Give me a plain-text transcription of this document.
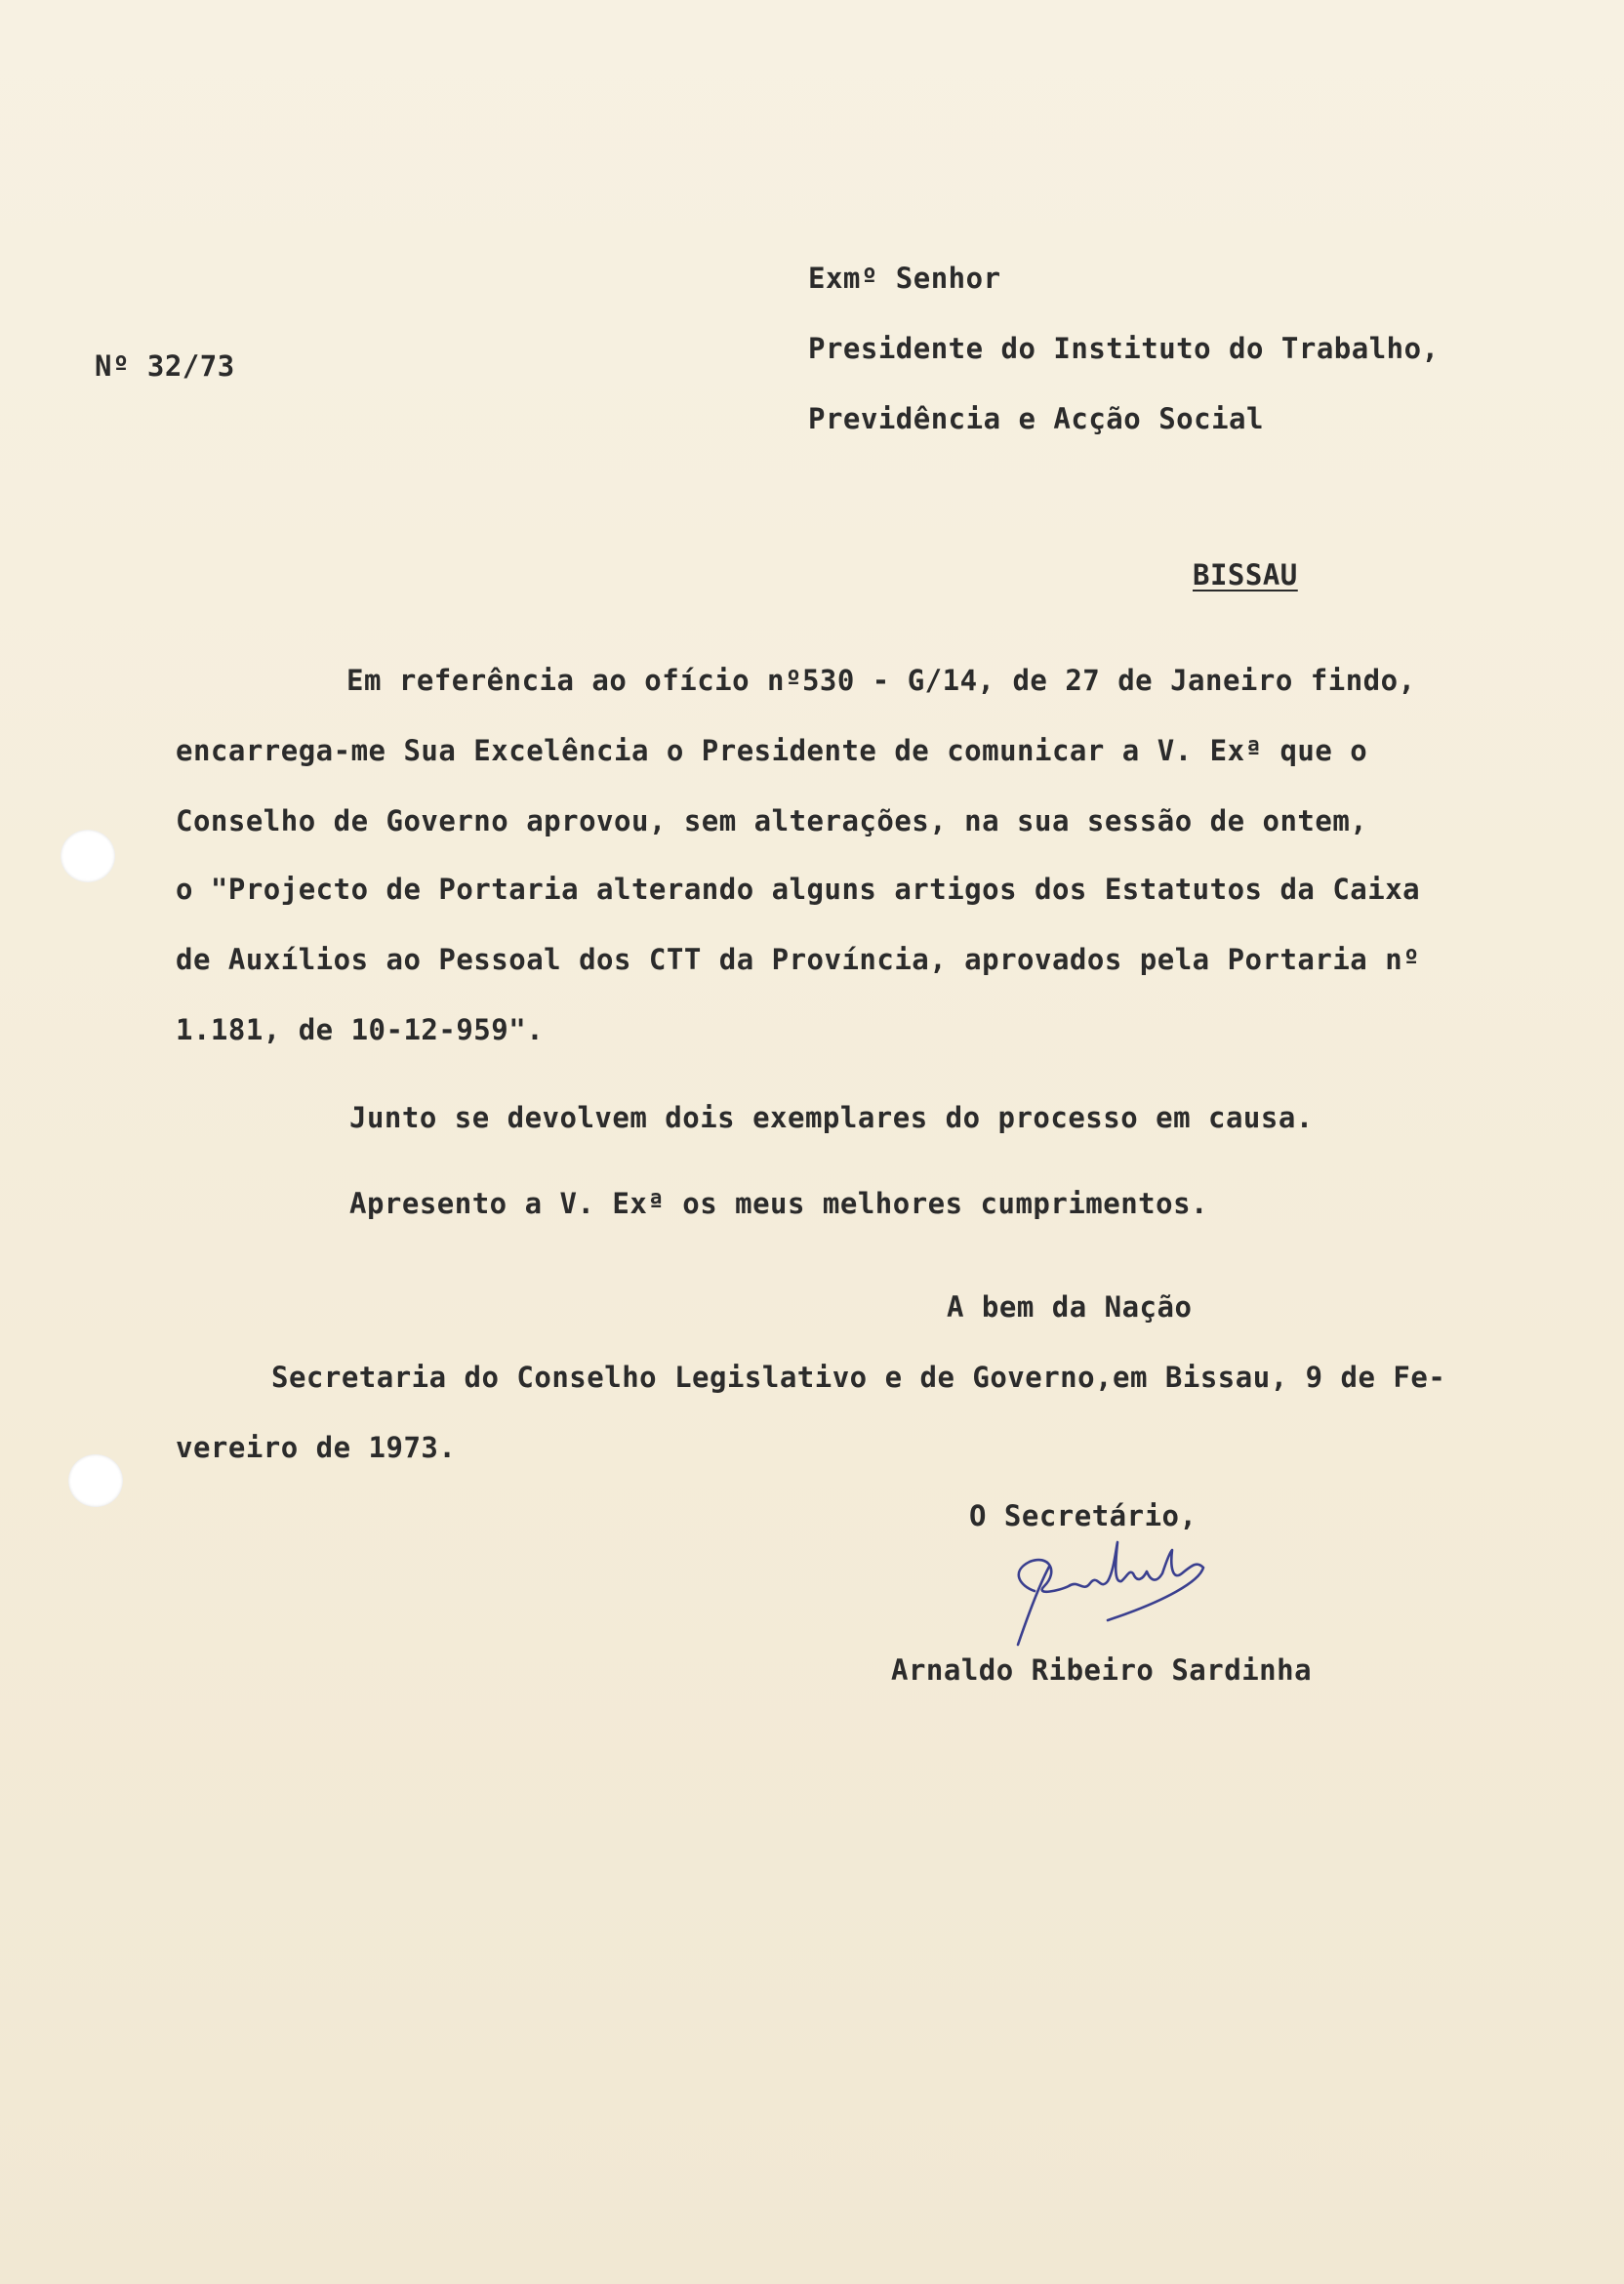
Nº 32/73
Exmº Senhor
Presidente do Instituto do Trabalho,
Previdência e Acção Social
BISSAU
Em referência ao ofício nº530 - G/14, de 27 de Janeiro findo,
encarrega-me Sua Excelência o Presidente de comunicar a V. Exª que o
Conselho de Governo aprovou, sem alterações, na sua sessão de ontem,
o "Projecto de Portaria alterando alguns artigos dos Estatutos da Caixa
de Auxílios ao Pessoal dos CTT da Província, aprovados pela Portaria nº
1.181, de 10-12-959".
Junto se devolvem dois exemplares do processo em causa.
Apresento a V. Exª os meus melhores cumprimentos.
A bem da Nação
Secretaria do Conselho Legislativo e de Governo,em Bissau, 9 de Fe-
vereiro de 1973.
O Secretário,
Arnaldo Ribeiro Sardinha
